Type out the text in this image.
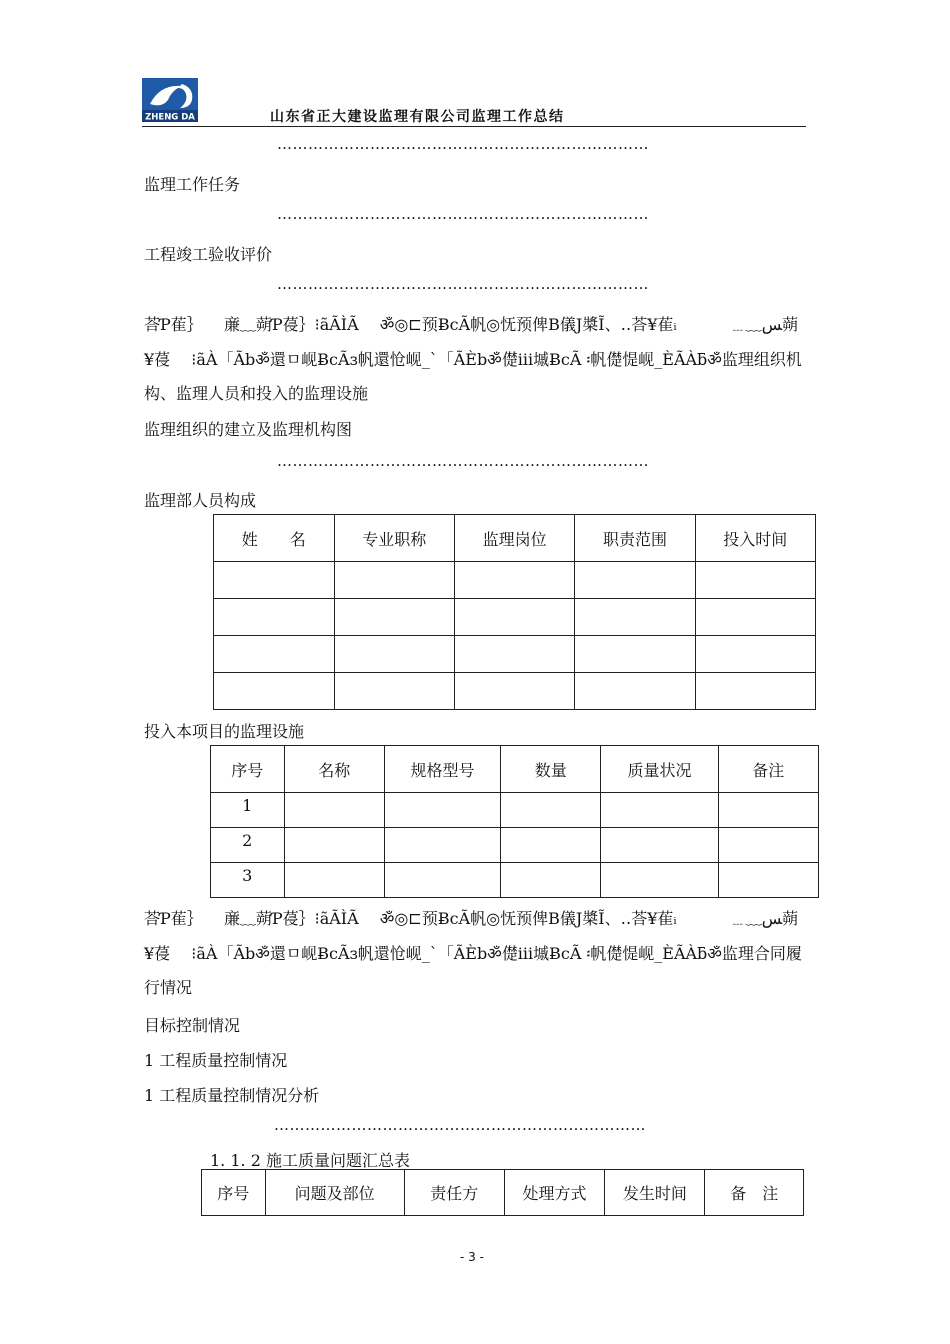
ZHENG DA	山东省正大建设监理有限公司监理工作总结
………………………………………………………………
监理工作任务
………………………………………………………………
工程竣工验收评价
………………………………………………………………
荅Ƥ萑｝  亷﹏蒴Ƥ葠｝⁝ãÃÌÃ  ॐ◎⊏预ɃcÃ帆◎怃预俾B儀J槳Ĩ、‥荅¥萑ᵢ    ﹍﹏ﺲ蒴¥葠  ⁝ãÀ「Ãbॐ還ㅁ岘ɃcÃɜ帆還怆岘_ˋ「ÃÈbॐ儊ⅲ墄ɃcÃ ፡帆儊惿岘_ÈÃÀƃॐ监理组织机构、监理人员和投入的监理设施
监理组织的建立及监理机构图
………………………………………………………………
监理部人员构成
姓  名	专业职称	监理岗位	职责范围	投入时间

投入本项目的监理设施
序号	名称	规格型号	数量	质量状况	备注
1					
2					
3					
荅Ƥ萑｝  亷﹏蒴Ƥ葠｝⁝ãÃÌÃ  ॐ◎⊏预ɃcÃ帆◎怃预俾B儀J槳Ĩ、‥荅¥萑ᵢ    ﹍﹏ﺲ蒴¥葠  ⁝ãÀ「Ãbॐ還ㅁ岘ɃcÃɜ帆還怆岘_ˋ「ÃÈbॐ儊ⅲ墄ɃcÃ ፡帆儊惿岘_ÈÃÀƃॐ监理合同履行情况
目标控制情况
1 工程质量控制情况
1 工程质量控制情况分析
………………………………………………………………
1. 1. 2 施工质量问题汇总表
序号	问题及部位	责任方	处理方式	发生时间	备 注
- 3 -
